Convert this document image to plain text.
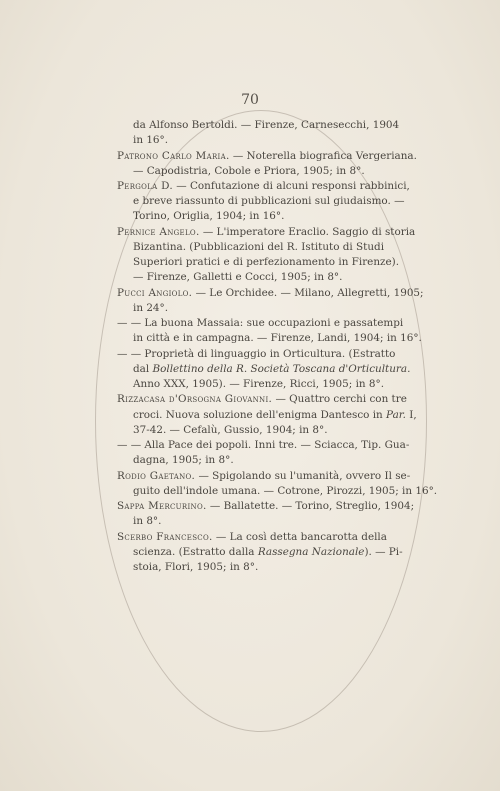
70
da Alfonso Bertoldi. — Firenze, Carnesecchi, 1904
in 16°.
Patrono Carlo Maria. — Noterella biografica Vergeriana.
— Capodistria, Cobole e Priora, 1905; in 8°.
Pergola D. — Confutazione di alcuni responsi rabbinici,
e breve riassunto di pubblicazioni sul giudaismo. —
Torino, Origlia, 1904; in 16°.
Pernice Angelo. — L'imperatore Eraclio. Saggio di storia
Bizantina. (Pubblicazioni del R. Istituto di Studi
Superiori pratici e di perfezionamento in Firenze).
— Firenze, Galletti e Cocci, 1905; in 8°.
Pucci Angiolo. — Le Orchidee. — Milano, Allegretti, 1905;
in 24°.
— — La buona Massaia: sue occupazioni e passatempi
in città e in campagna. — Firenze, Landi, 1904; in 16°.
— — Proprietà di linguaggio in Orticultura. (Estratto
dal Bollettino della R. Società Toscana d'Orticultura.
Anno XXX, 1905). — Firenze, Ricci, 1905; in 8°.
Rizzacasa d'Orsogna Giovanni. — Quattro cerchi con tre
croci. Nuova soluzione dell'enigma Dantesco in Par. I,
37-42. — Cefalù, Gussio, 1904; in 8°.
— — Alla Pace dei popoli. Inni tre. — Sciacca, Tip. Gua-
dagna, 1905; in 8°.
Rodio Gaetano. — Spigolando su l'umanità, ovvero Il se-
guito dell'indole umana. — Cotrone, Pirozzi, 1905; in 16°.
Sappa Mercurino. — Ballatette. — Torino, Streglio, 1904;
in 8°.
Scerbo Francesco. — La così detta bancarotta della
scienza. (Estratto dalla Rassegna Nazionale). — Pi-
stoia, Flori, 1905; in 8°.
